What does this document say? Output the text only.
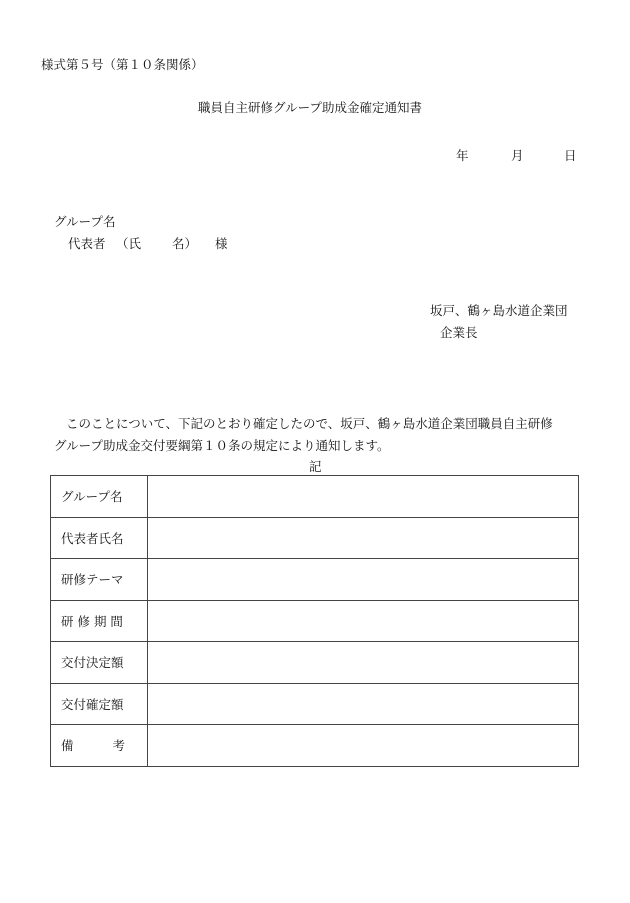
様式第５号（第１０条関係）
職員自主研修グループ助成金確定通知書
年	月	日
グループ名
代表者 （氏 名） 様
坂戸、鶴ヶ島水道企業団
企業長
このことについて、下記のとおり確定したので、坂戸、鶴ヶ島水道企業団職員自主研修
グループ助成金交付要綱第１０条の規定により通知します。
記
グループ名	
代表者氏名	
研修テーマ	
研 修 期 間	
交付決定額	
交付確定額	

備 考	
